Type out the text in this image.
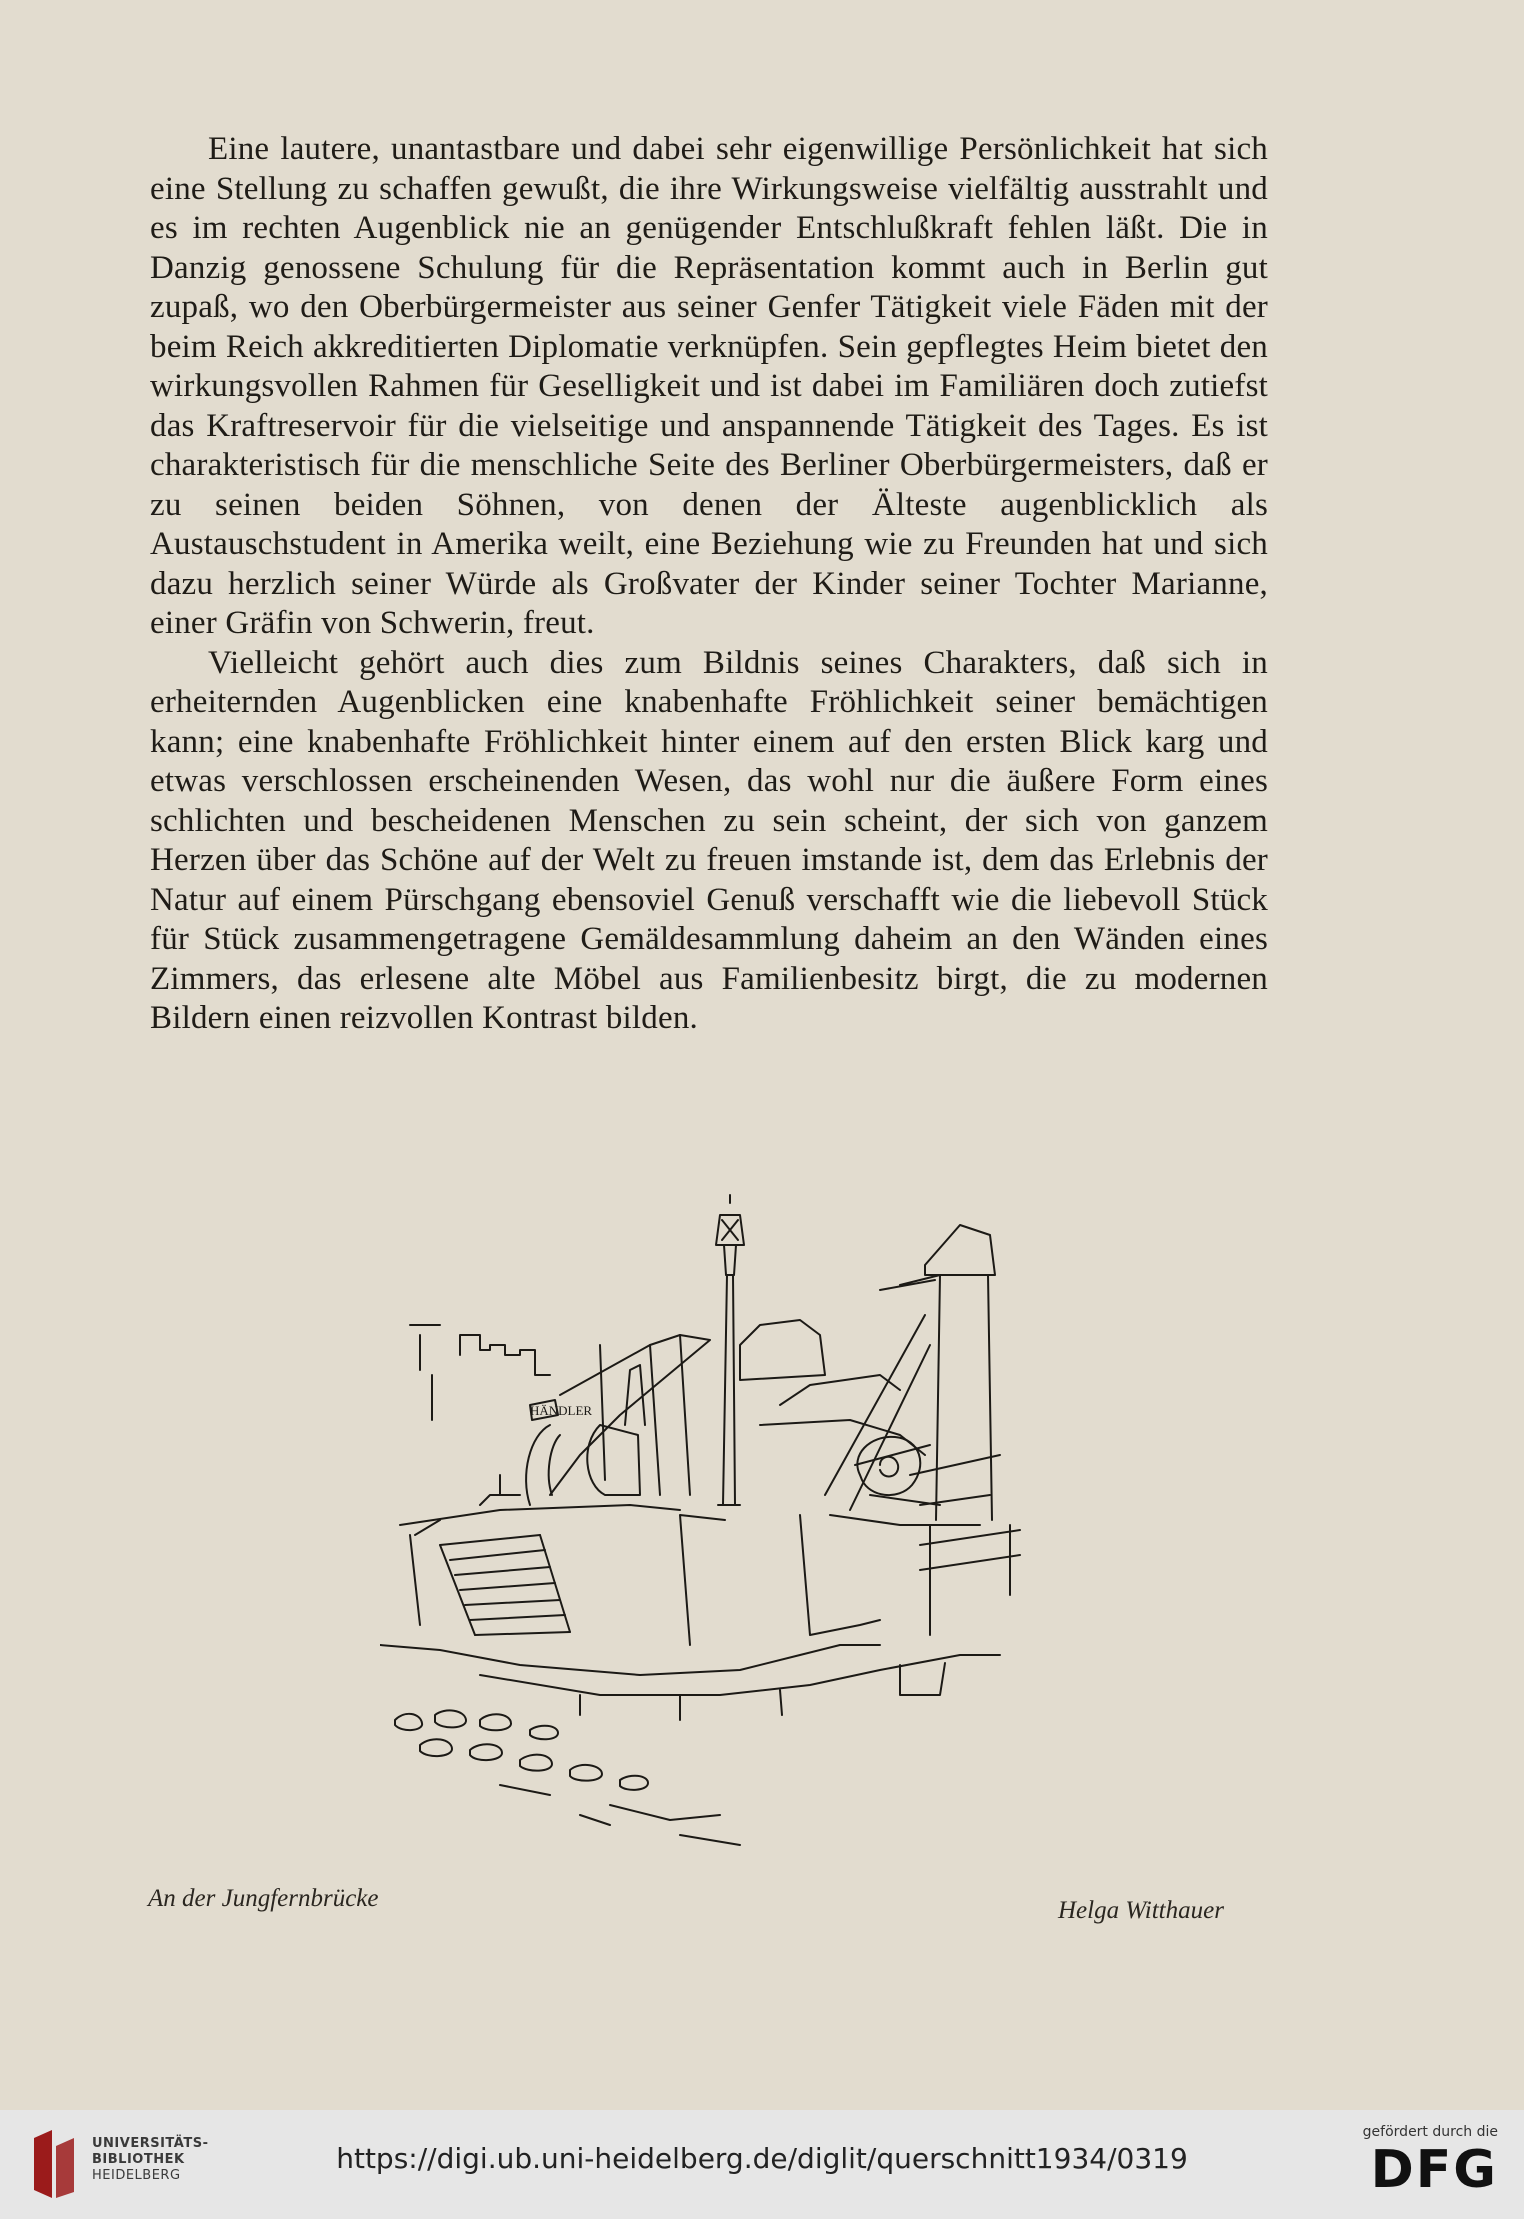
Eine lautere, unantastbare und dabei sehr eigenwillige Persönlichkeit hat sich eine Stellung zu schaffen gewußt, die ihre Wirkungsweise vielfältig ausstrahlt und es im rechten Augenblick nie an genügender Entschlußkraft fehlen läßt. Die in Danzig genossene Schulung für die Repräsentation kommt auch in Berlin gut zupaß, wo den Oberbürgermeister aus seiner Genfer Tätigkeit viele Fäden mit der beim Reich akkreditierten Diplomatie verknüpfen. Sein gepflegtes Heim bietet den wirkungsvollen Rahmen für Geselligkeit und ist dabei im Familiären doch zutiefst das Kraftreservoir für die vielseitige und anspannende Tätigkeit des Tages. Es ist charakteristisch für die menschliche Seite des Berliner Oberbürgermeisters, daß er zu seinen beiden Söhnen, von denen der Älteste augenblicklich als Austauschstudent in Amerika weilt, eine Beziehung wie zu Freunden hat und sich dazu herzlich seiner Würde als Großvater der Kinder seiner Tochter Marianne, einer Gräfin von Schwerin, freut.

Vielleicht gehört auch dies zum Bildnis seines Charakters, daß sich in erheiternden Augenblicken eine knabenhafte Fröhlichkeit seiner bemächtigen kann; eine knabenhafte Fröhlichkeit hinter einem auf den ersten Blick karg und etwas verschlossen erscheinenden Wesen, das wohl nur die äußere Form eines schlichten und bescheidenen Menschen zu sein scheint, der sich von ganzem Herzen über das Schöne auf der Welt zu freuen imstande ist, dem das Erlebnis der Natur auf einem Pürschgang ebensoviel Genuß verschafft wie die liebevoll Stück für Stück zusammengetragene Gemäldesammlung daheim an den Wänden eines Zimmers, das erlesene alte Möbel aus Familienbesitz birgt, die zu modernen Bildern einen reizvollen Kontrast bilden.

HÄNDLER
An der Jungfernbrücke	Helga Witthauer
UNIVERSITÄTS-
BIBLIOTHEK
HEIDELBERG
https://digi.ub.uni-heidelberg.de/diglit/querschnitt1934/0319
gefördert durch die
DFG
